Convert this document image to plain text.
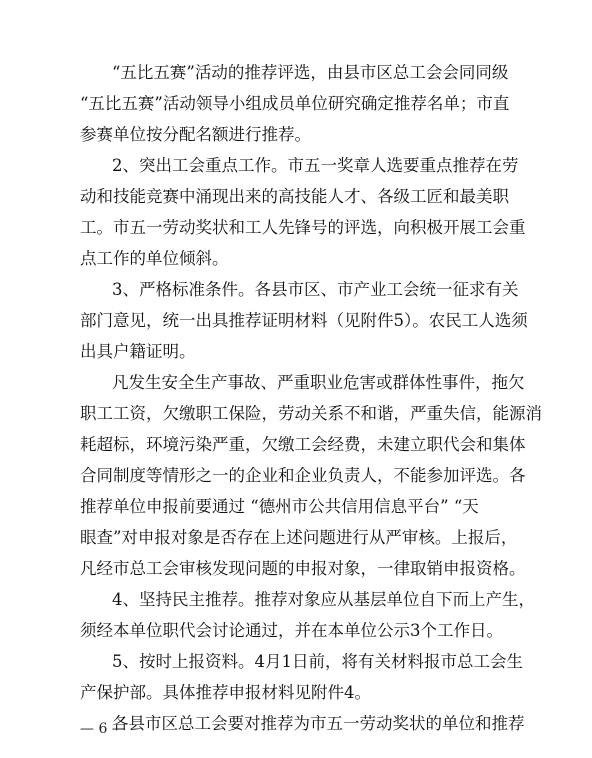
“五比五赛”活动的推荐评选，由县市区总工会会同同级
“五比五赛”活动领导小组成员单位研究确定推荐名单；市直
参赛单位按分配名额进行推荐。
2、突出工会重点工作。市五一奖章人选要重点推荐在劳
动和技能竞赛中涌现出来的高技能人才、各级工匠和最美职
工。市五一劳动奖状和工人先锋号的评选，向积极开展工会重
点工作的单位倾斜。
3、严格标准条件。各县市区、市产业工会统一征求有关
部门意见，统一出具推荐证明材料（见附件5）。农民工人选须
出具户籍证明。
凡发生安全生产事故、严重职业危害或群体性事件，拖欠
职工工资，欠缴职工保险，劳动关系不和谐，严重失信，能源消
耗超标，环境污染严重，欠缴工会经费，未建立职代会和集体
合同制度等情形之一的企业和企业负责人，不能参加评选。各
推荐单位申报前要通过 “德州市公共信用信息平台” “天
眼查”对申报对象是否存在上述问题进行从严审核。上报后，
凡经市总工会审核发现问题的申报对象，一律取销申报资格。
4、坚持民主推荐。推荐对象应从基层单位自下而上产生，
须经本单位职代会讨论通过，并在本单位公示3个工作日。
5、按时上报资料。4月1日前，将有关材料报市总工会生
产保护部。具体推荐申报材料见附件4。
各县市区总工会要对推荐为市五一劳动奖状的单位和推荐
— 6 —
